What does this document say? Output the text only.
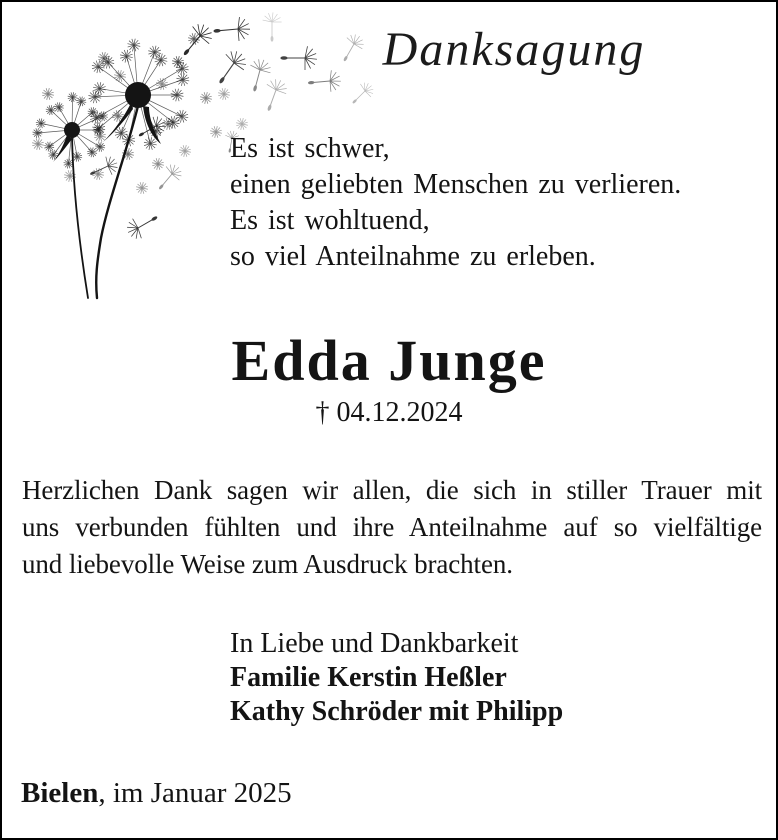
Danksagung
Es ist schwer,
einen geliebten Menschen zu verlieren.
Es ist wohltuend,
so viel Anteilnahme zu erleben.
Edda Junge
† 04.12.2024
Herzlichen Dank sagen wir allen, die sich in stiller Trauer mit
uns verbunden fühlten und ihre Anteilnahme auf so vielfältige
und liebevolle Weise zum Ausdruck brachten.
In Liebe und Dankbarkeit
Familie Kerstin Heßler
Kathy Schröder mit Philipp
Bielen, im Januar 2025
